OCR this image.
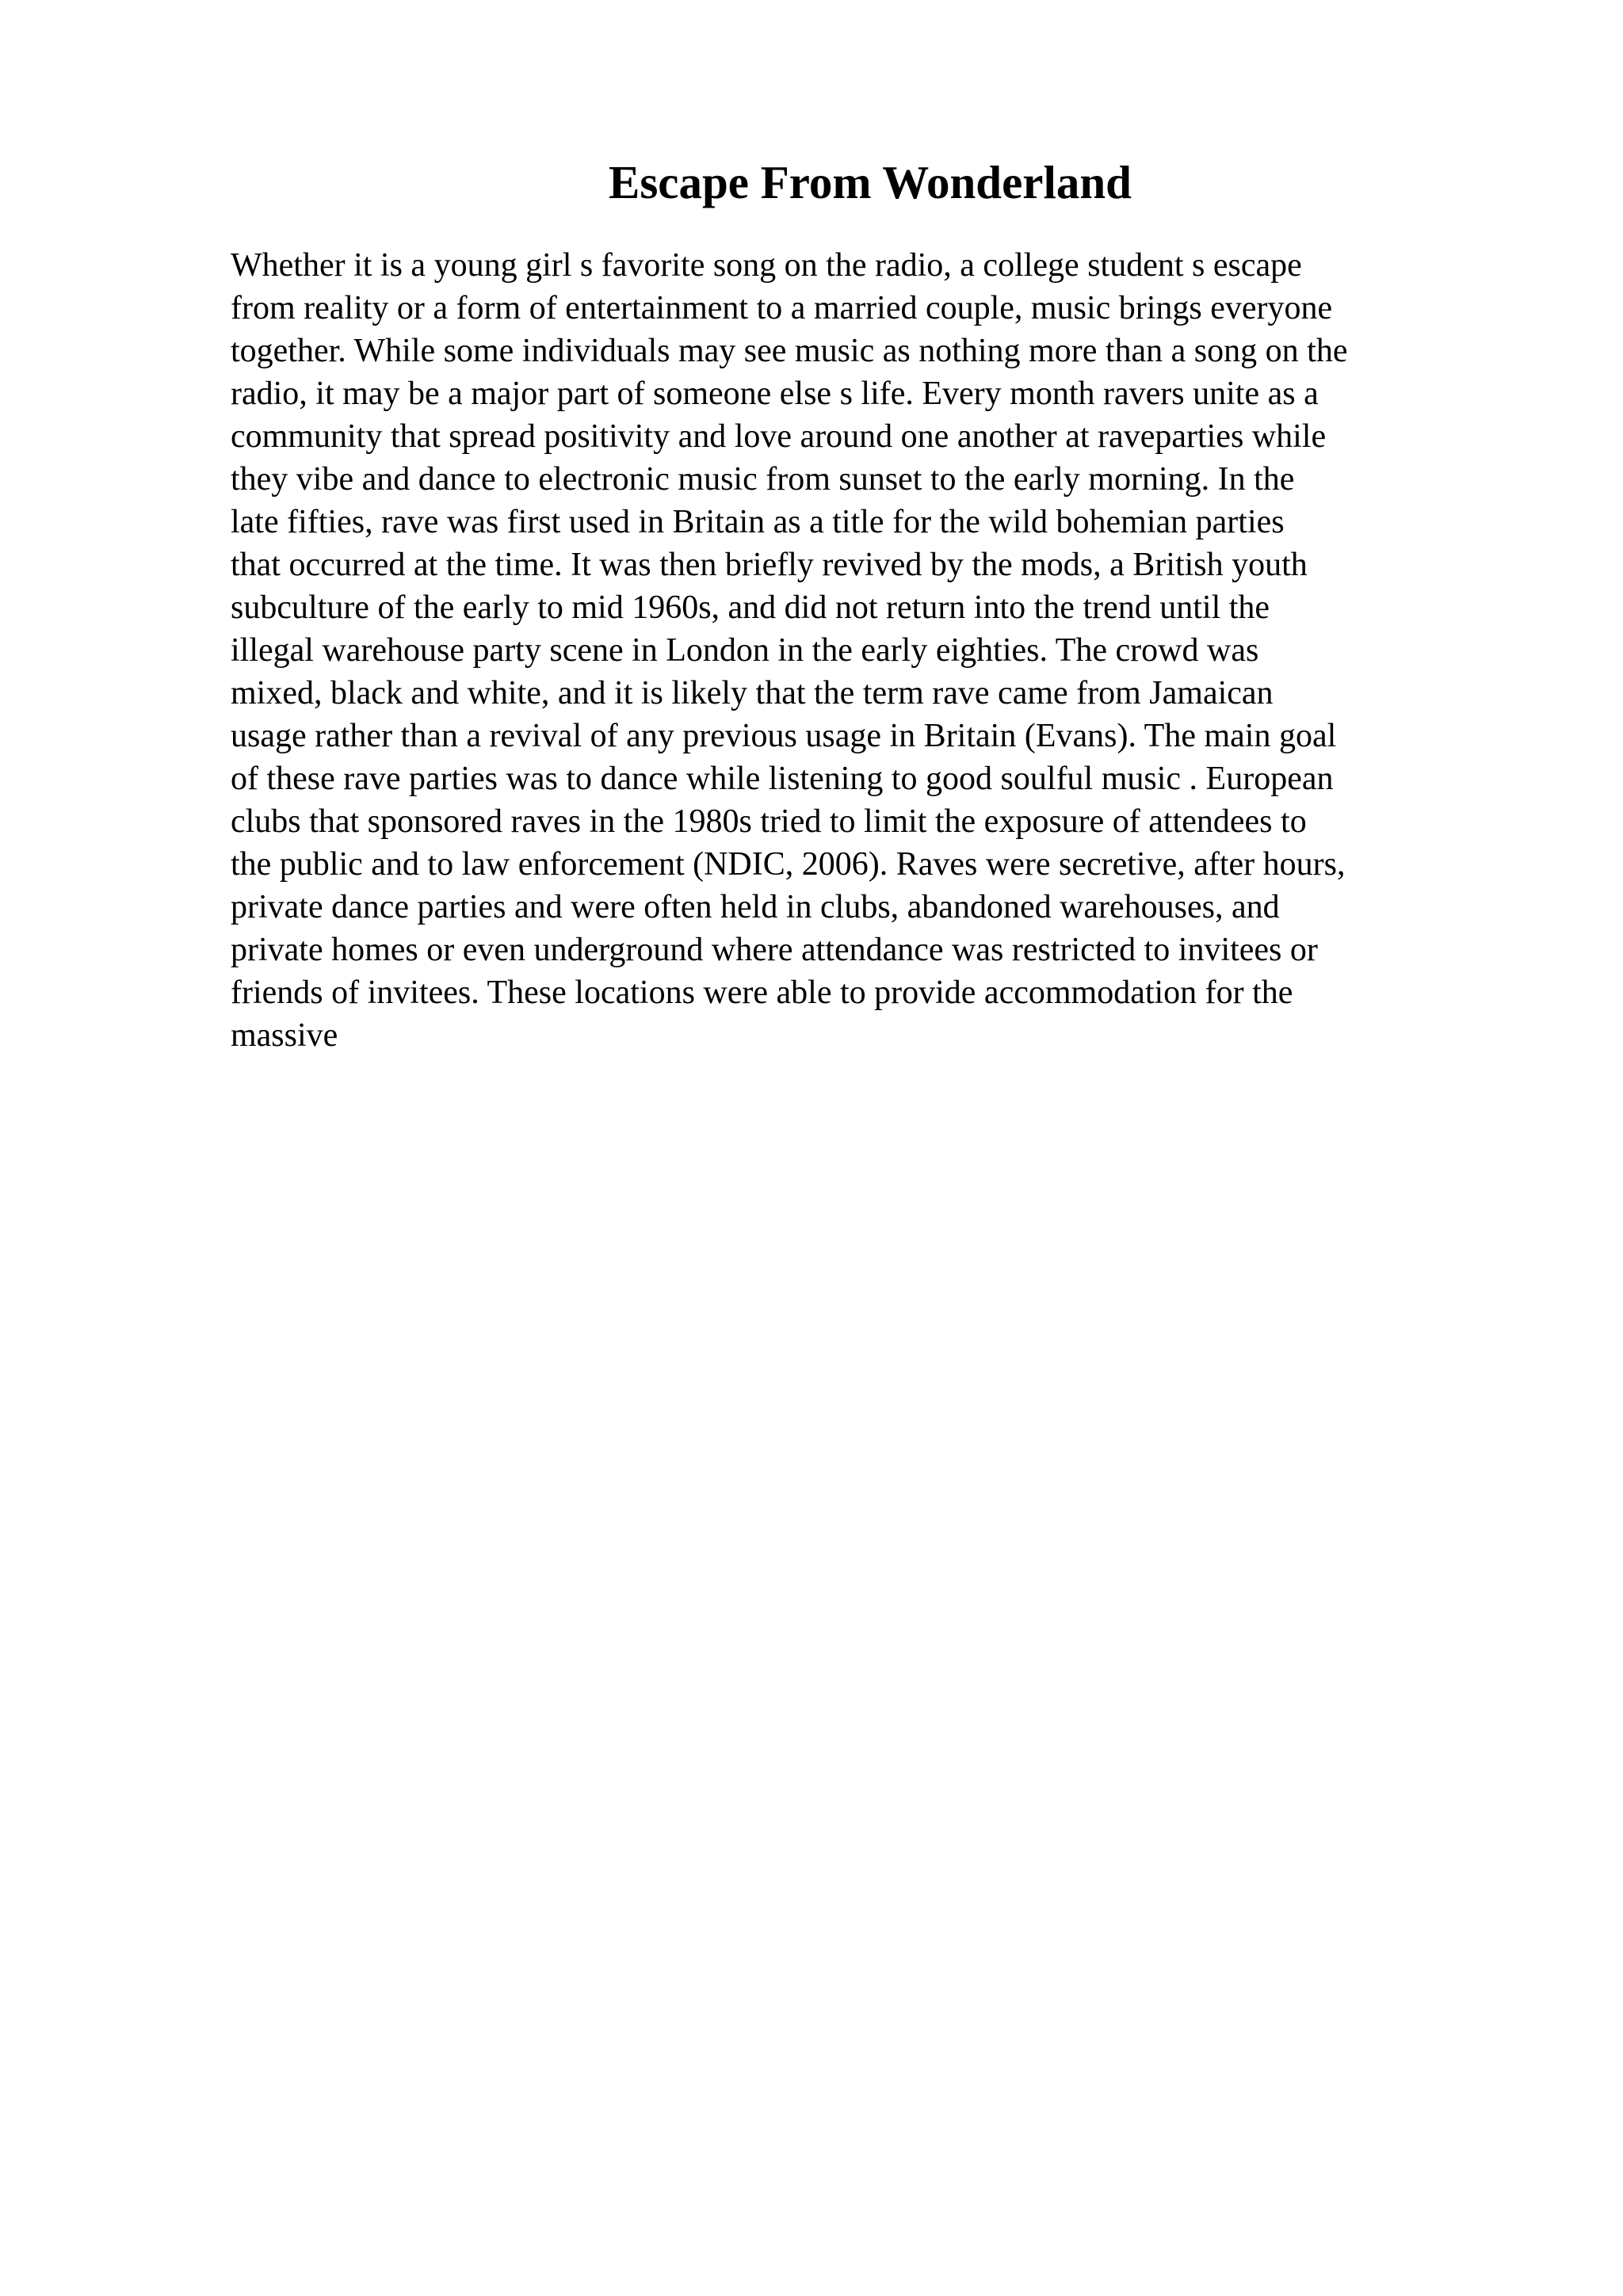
Escape From Wonderland
Whether it is a young girl s favorite song on the radio, a college student s escape
from reality or a form of entertainment to a married couple, music brings everyone
together. While some individuals may see music as nothing more than a song on the
radio, it may be a major part of someone else s life. Every month ravers unite as a
community that spread positivity and love around one another at raveparties while
they vibe and dance to electronic music from sunset to the early morning. In the
late fifties, rave was first used in Britain as a title for the wild bohemian parties
that occurred at the time. It was then briefly revived by the mods, a British youth
subculture of the early to mid 1960s, and did not return into the trend until the
illegal warehouse party scene in London in the early eighties. The crowd was
mixed, black and white, and it is likely that the term rave came from Jamaican
usage rather than a revival of any previous usage in Britain (Evans). The main goal
of these rave parties was to dance while listening to good soulful music . European
clubs that sponsored raves in the 1980s tried to limit the exposure of attendees to
the public and to law enforcement (NDIC, 2006). Raves were secretive, after hours,
private dance parties and were often held in clubs, abandoned warehouses, and
private homes or even underground where attendance was restricted to invitees or
friends of invitees. These locations were able to provide accommodation for the
massive
